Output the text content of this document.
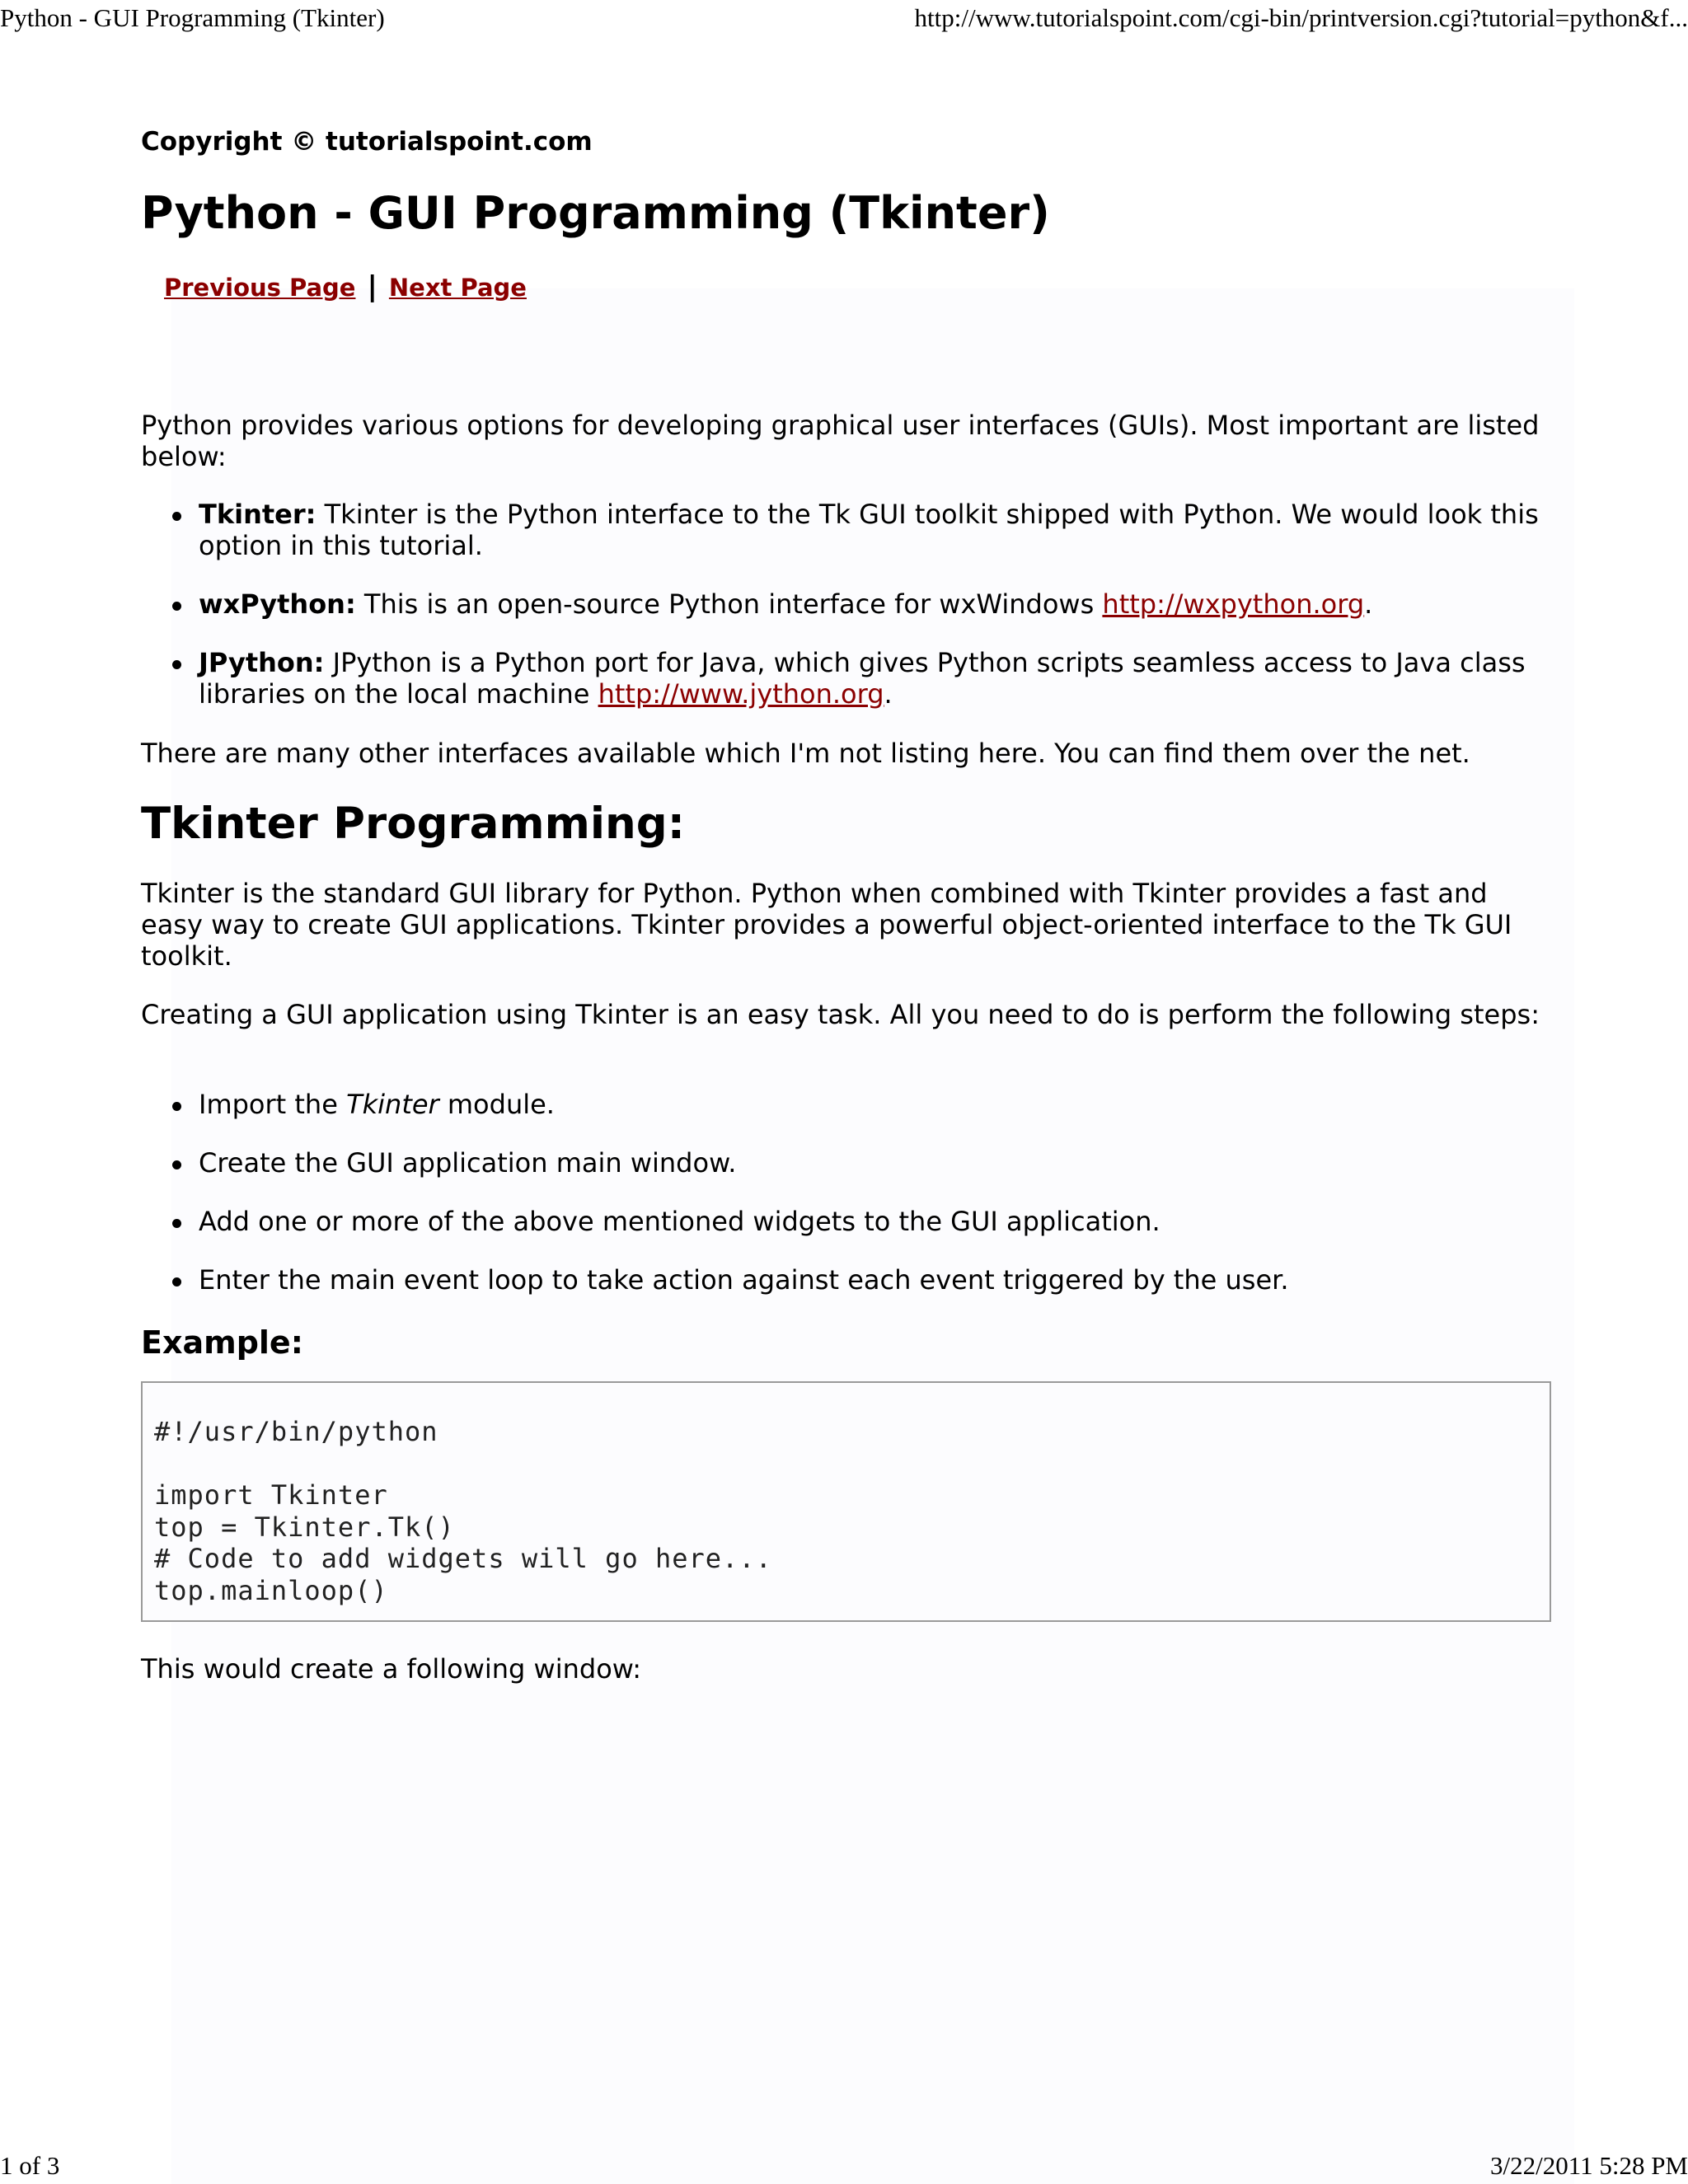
Python - GUI Programming (Tkinter)	http://www.tutorialspoint.com/cgi-bin/printversion.cgi?tutorial=python&f...
Copyright © tutorialspoint.com
Python - GUI Programming (Tkinter)
Previous Page | Next Page

Python provides various options for developing graphical user interfaces (GUIs). Most important are listed below:

Tkinter: Tkinter is the Python interface to the Tk GUI toolkit shipped with Python. We would look this option in this tutorial.
wxPython: This is an open-source Python interface for wxWindows http://wxpython.org.
JPython: JPython is a Python port for Java, which gives Python scripts seamless access to Java class libraries on the local machine http://www.jython.org.

There are many other interfaces available which I'm not listing here. You can find them over the net.

Tkinter Programming:

Tkinter is the standard GUI library for Python. Python when combined with Tkinter provides a fast and easy way to create GUI applications. Tkinter provides a powerful object-oriented interface to the Tk GUI toolkit.

Creating a GUI application using Tkinter is an easy task. All you need to do is perform the following steps:

Import the Tkinter module.
Create the GUI application main window.
Add one or more of the above mentioned widgets to the GUI application.
Enter the main event loop to take action against each event triggered by the user.
Example:
#!/usr/bin/python

import Tkinter
top = Tkinter.Tk()
# Code to add widgets will go here...
top.mainloop()

This would create a following window:

1 of 3	3/22/2011 5:28 PM
